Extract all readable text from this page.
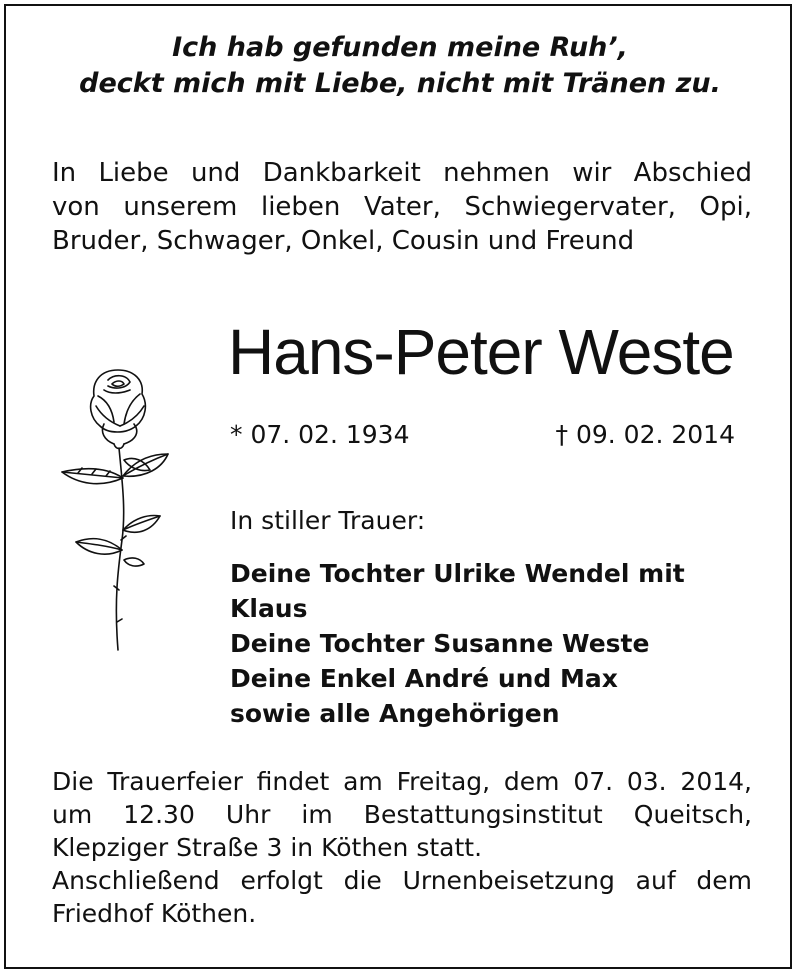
Ich hab gefunden meine Ruh’,
deckt mich mit Liebe, nicht mit Tränen zu.
In Liebe und Dankbarkeit nehmen wir Abschied
von unserem lieben Vater, Schwiegervater, Opi,
Bruder, Schwager, Onkel, Cousin und Freund
Hans-Peter Weste
* 07. 02. 1934	† 09. 02. 2014
In stiller Trauer:
Deine Tochter Ulrike Wendel mit
Klaus
Deine Tochter Susanne Weste
Deine Enkel André und Max
sowie alle Angehörigen
Die Trauerfeier findet am Freitag, dem 07. 03. 2014,
um 12.30 Uhr im Bestattungsinstitut Queitsch,
Klepziger Straße 3 in Köthen statt.
Anschließend erfolgt die Urnenbeisetzung auf dem
Friedhof Köthen.
